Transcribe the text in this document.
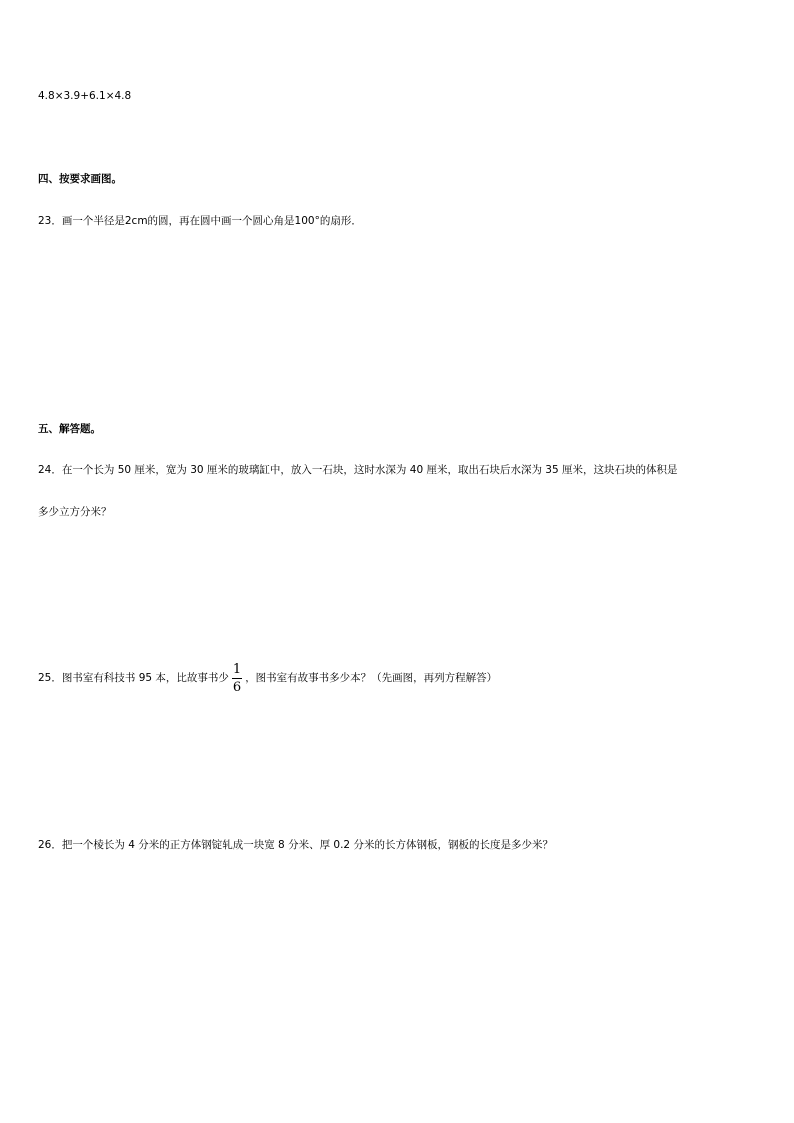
4.8×3.9+6.1×4.8
四、按要求画图。
23．画一个半径是2cm的圆，再在圆中画一个圆心角是100°的扇形．
五、解答题。
24．在一个长为 50 厘米，宽为 30 厘米的玻璃缸中，放入一石块，这时水深为 40 厘米，取出石块后水深为 35 厘米，这块石块的体积是
多少立方分米？
25．图书室有科技书 95 本，比故事书少 $\frac{1}{6}$ ，图书室有故事书多少本？（先画图，再列方程解答）
26．把一个棱长为 4 分米的正方体钢锭轧成一块宽 8 分米、厚 0.2 分米的长方体钢板，钢板的长度是多少米？
